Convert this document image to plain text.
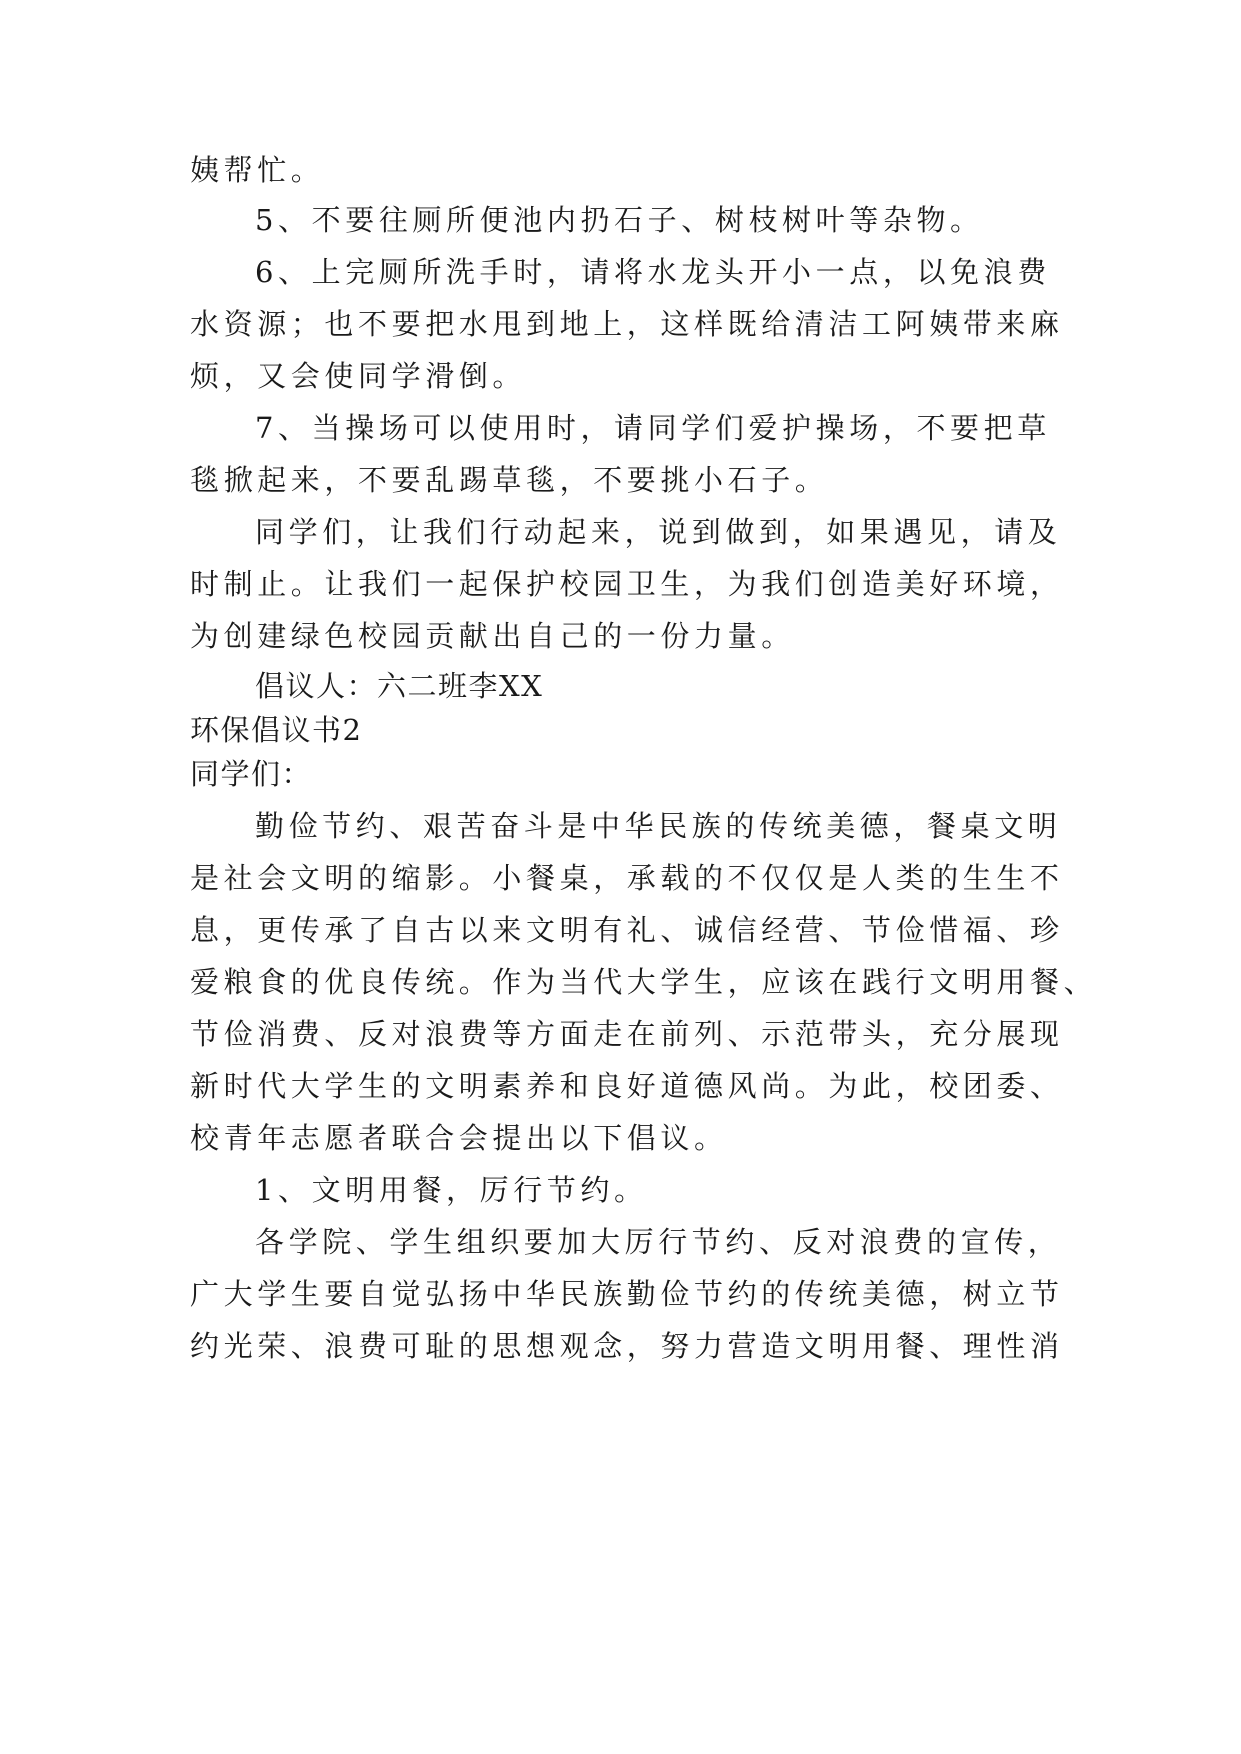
姨帮忙。
5、不要往厕所便池内扔石子、树枝树叶等杂物。
6、上完厕所洗手时，请将水龙头开小一点，以免浪费
水资源；也不要把水甩到地上，这样既给清洁工阿姨带来麻
烦，又会使同学滑倒。
7、当操场可以使用时，请同学们爱护操场，不要把草
毯掀起来，不要乱踢草毯，不要挑小石子。
同学们，让我们行动起来，说到做到，如果遇见，请及
时制止。让我们一起保护校园卫生，为我们创造美好环境，
为创建绿色校园贡献出自己的一份力量。
倡议人：六二班李XX
环保倡议书2
同学们：
勤俭节约、艰苦奋斗是中华民族的传统美德，餐桌文明
是社会文明的缩影。小餐桌，承载的不仅仅是人类的生生不
息，更传承了自古以来文明有礼、诚信经营、节俭惜福、珍
爱粮食的优良传统。作为当代大学生，应该在践行文明用餐、
节俭消费、反对浪费等方面走在前列、示范带头，充分展现
新时代大学生的文明素养和良好道德风尚。为此，校团委、
校青年志愿者联合会提出以下倡议。
1、文明用餐，厉行节约。
各学院、学生组织要加大厉行节约、反对浪费的宣传，
广大学生要自觉弘扬中华民族勤俭节约的传统美德，树立节
约光荣、浪费可耻的思想观念，努力营造文明用餐、理性消
